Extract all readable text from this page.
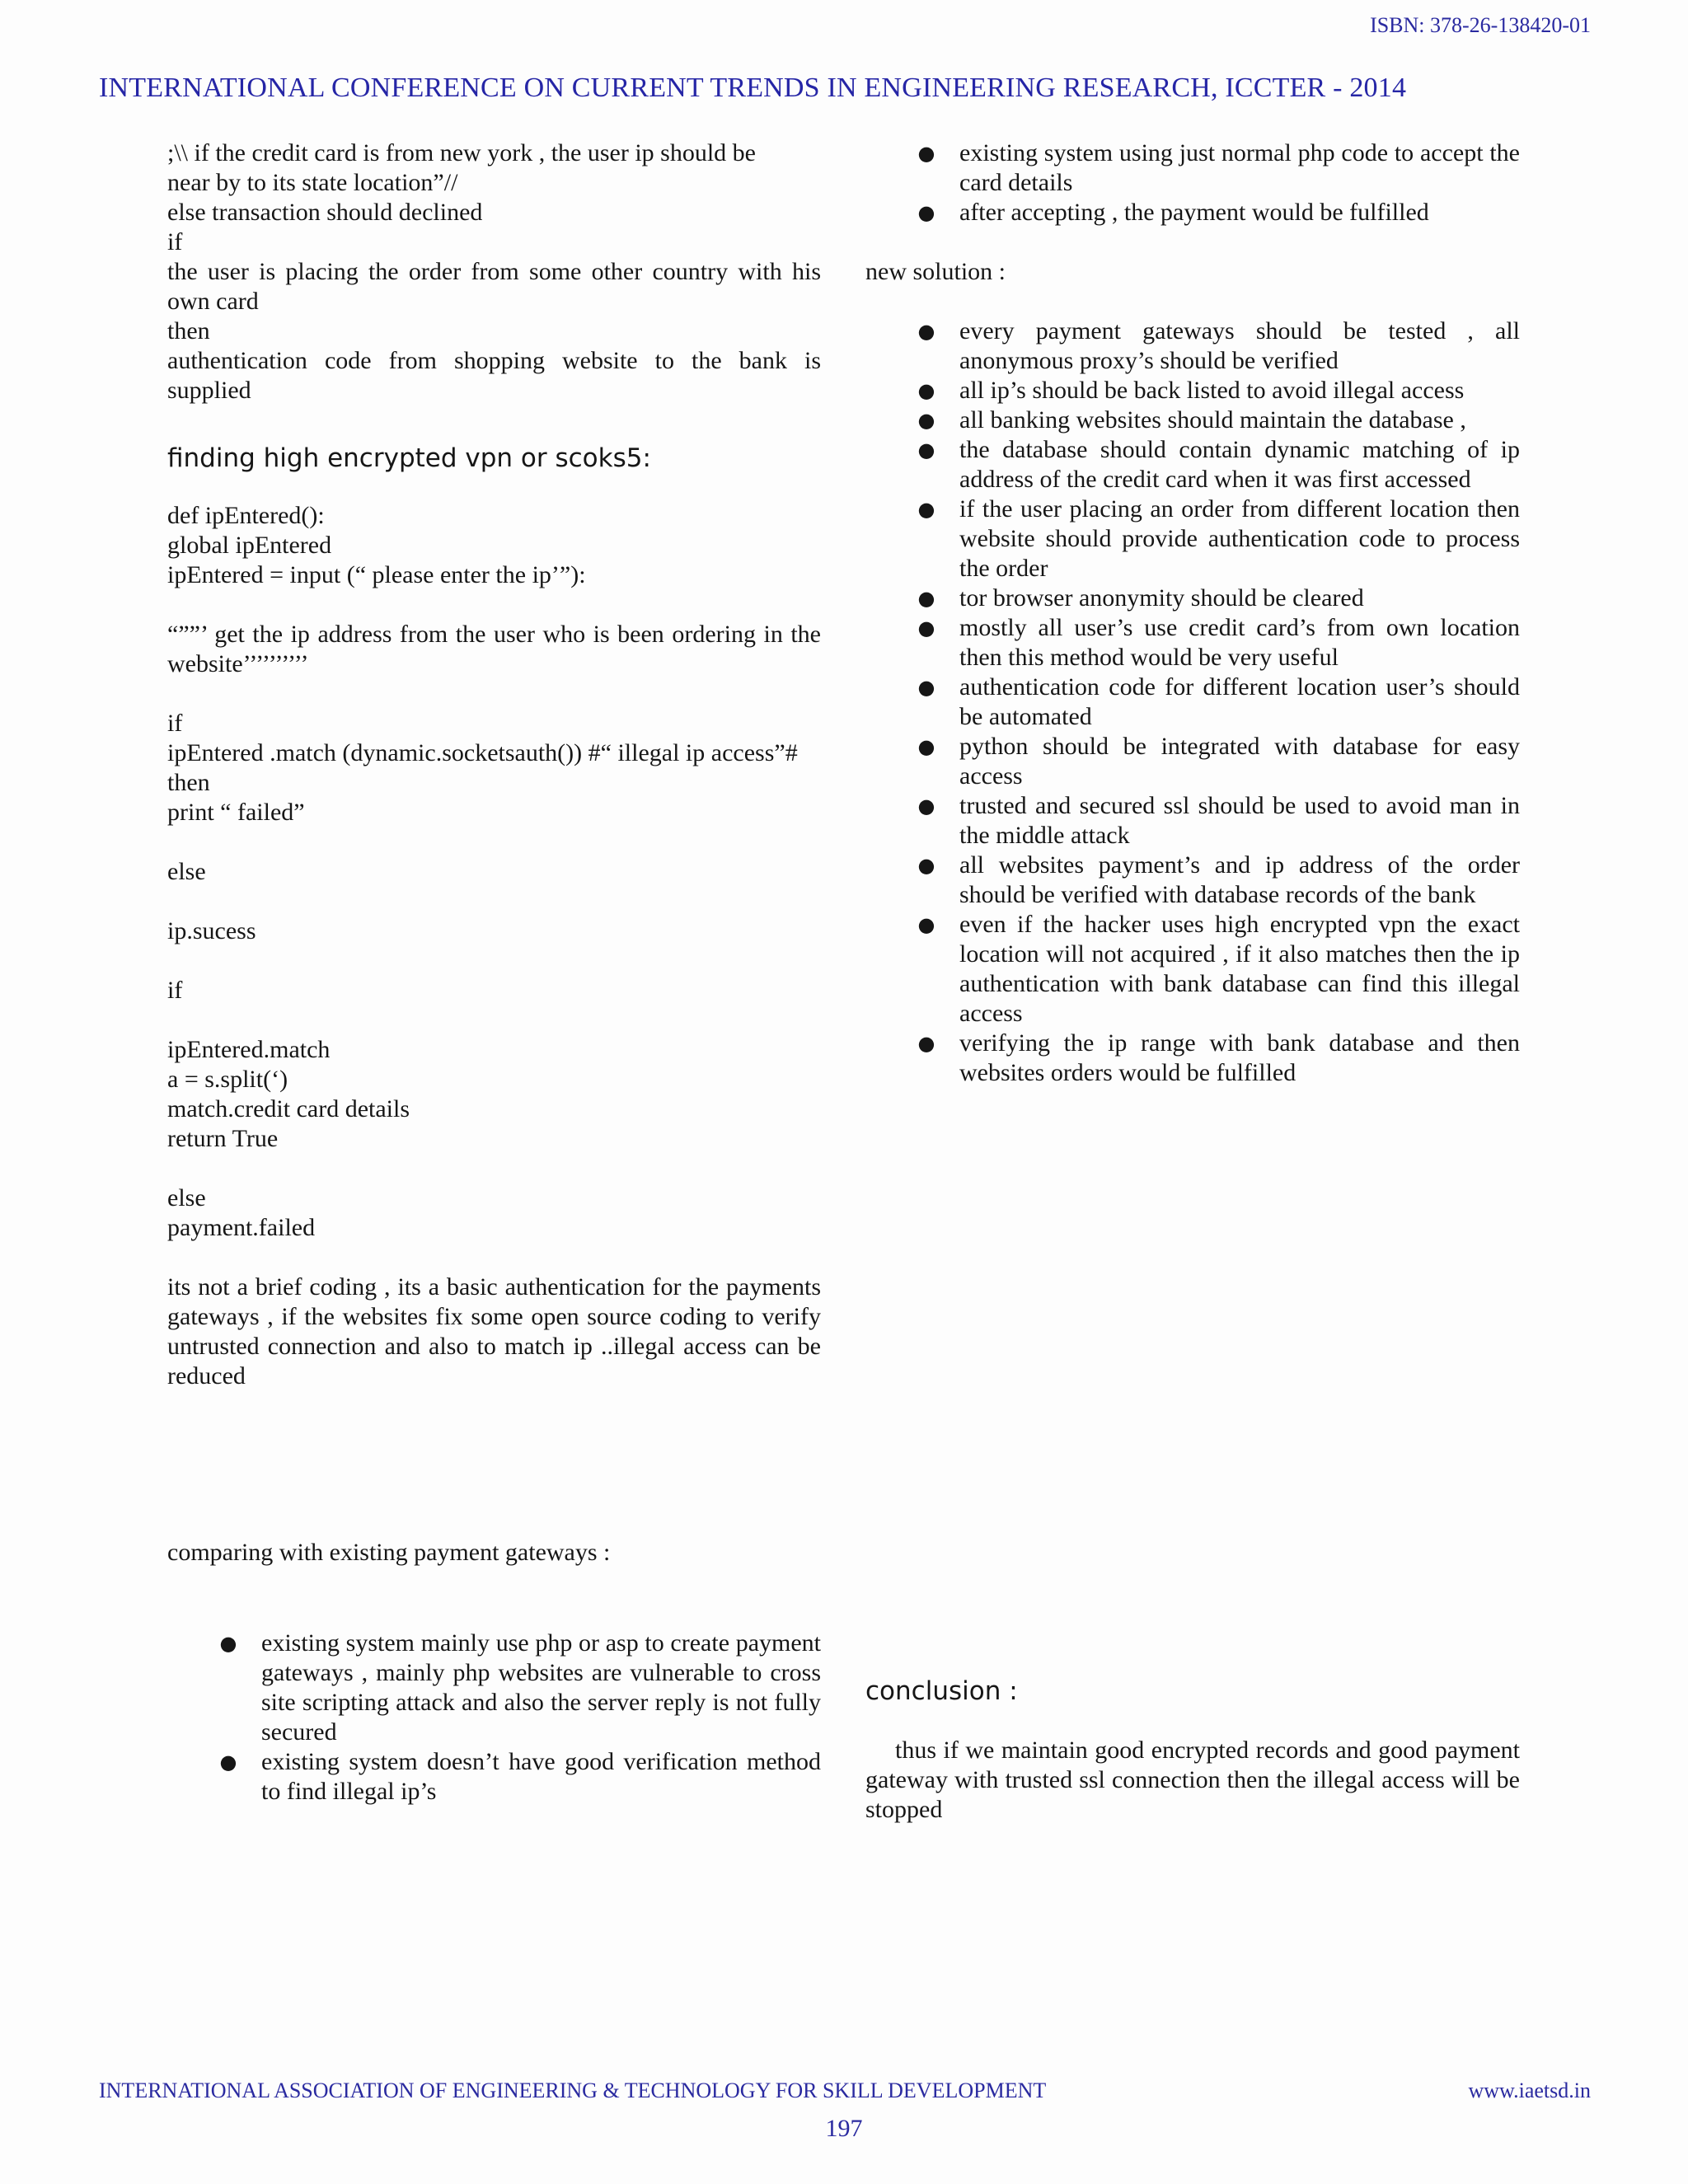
ISBN: 378-26-138420-01
INTERNATIONAL CONFERENCE ON CURRENT TRENDS IN ENGINEERING RESEARCH, ICCTER - 2014

;\\ if the credit card is from new york , the user ip should be

near by to its state location”//

else transaction should declined

if

the user is placing the order from some other country with his own card

then

authentication code from shopping website to the bank is supplied

finding high encrypted vpn or scoks5:

def ipEntered():

global ipEntered

ipEntered = input (“ please enter the ip’”):

“””’ get the ip address from the user who is been ordering in the website’’’’’’’’’’

if

ipEntered .match (dynamic.socketsauth()) #“ illegal ip access”#

then

print “ failed”

else

ip.sucess

if

ipEntered.match

a = s.split(‘)

match.credit card details

return True

else

payment.failed

its not a brief coding , its a basic authentication for the payments gateways , if the websites fix some open source coding to verify untrusted connection and also to match ip ..illegal access can be reduced

comparing with existing payment gateways :

● existing system mainly use php or asp to create payment gateways , mainly php websites are vulnerable to cross site scripting attack and also the server reply is not fully secured
● existing system doesn’t have good verification method to find illegal ip’s
● existing system using just normal php code to accept the card details
● after accepting , the payment would be fulfilled

new solution :

● every payment gateways should be tested , all anonymous proxy’s should be verified
● all ip’s should be back listed to avoid illegal access
● all banking websites should maintain the database ,
● the database should contain dynamic matching of ip address of the credit card when it was first accessed
● if the user placing an order from different location then website should provide authentication code to process the order
● tor browser anonymity should be cleared
● mostly all user’s use credit card’s from own location then this method would be very useful
● authentication code for different location user’s should be automated
● python should be integrated with database for easy access
● trusted and secured ssl should be used to avoid man in the middle attack
● all websites payment’s and ip address of the order should be verified with database records of the bank
● even if the hacker uses high encrypted vpn the exact location will not acquired , if it also matches then the ip authentication with bank database can find this illegal access
● verifying the ip range with bank database and then websites orders would be fulfilled

conclusion :

thus if we maintain good encrypted records and good payment gateway with trusted ssl connection then the illegal access will be stopped

INTERNATIONAL ASSOCIATION OF ENGINEERING & TECHNOLOGY FOR SKILL DEVELOPMENT	www.iaetsd.in
197
